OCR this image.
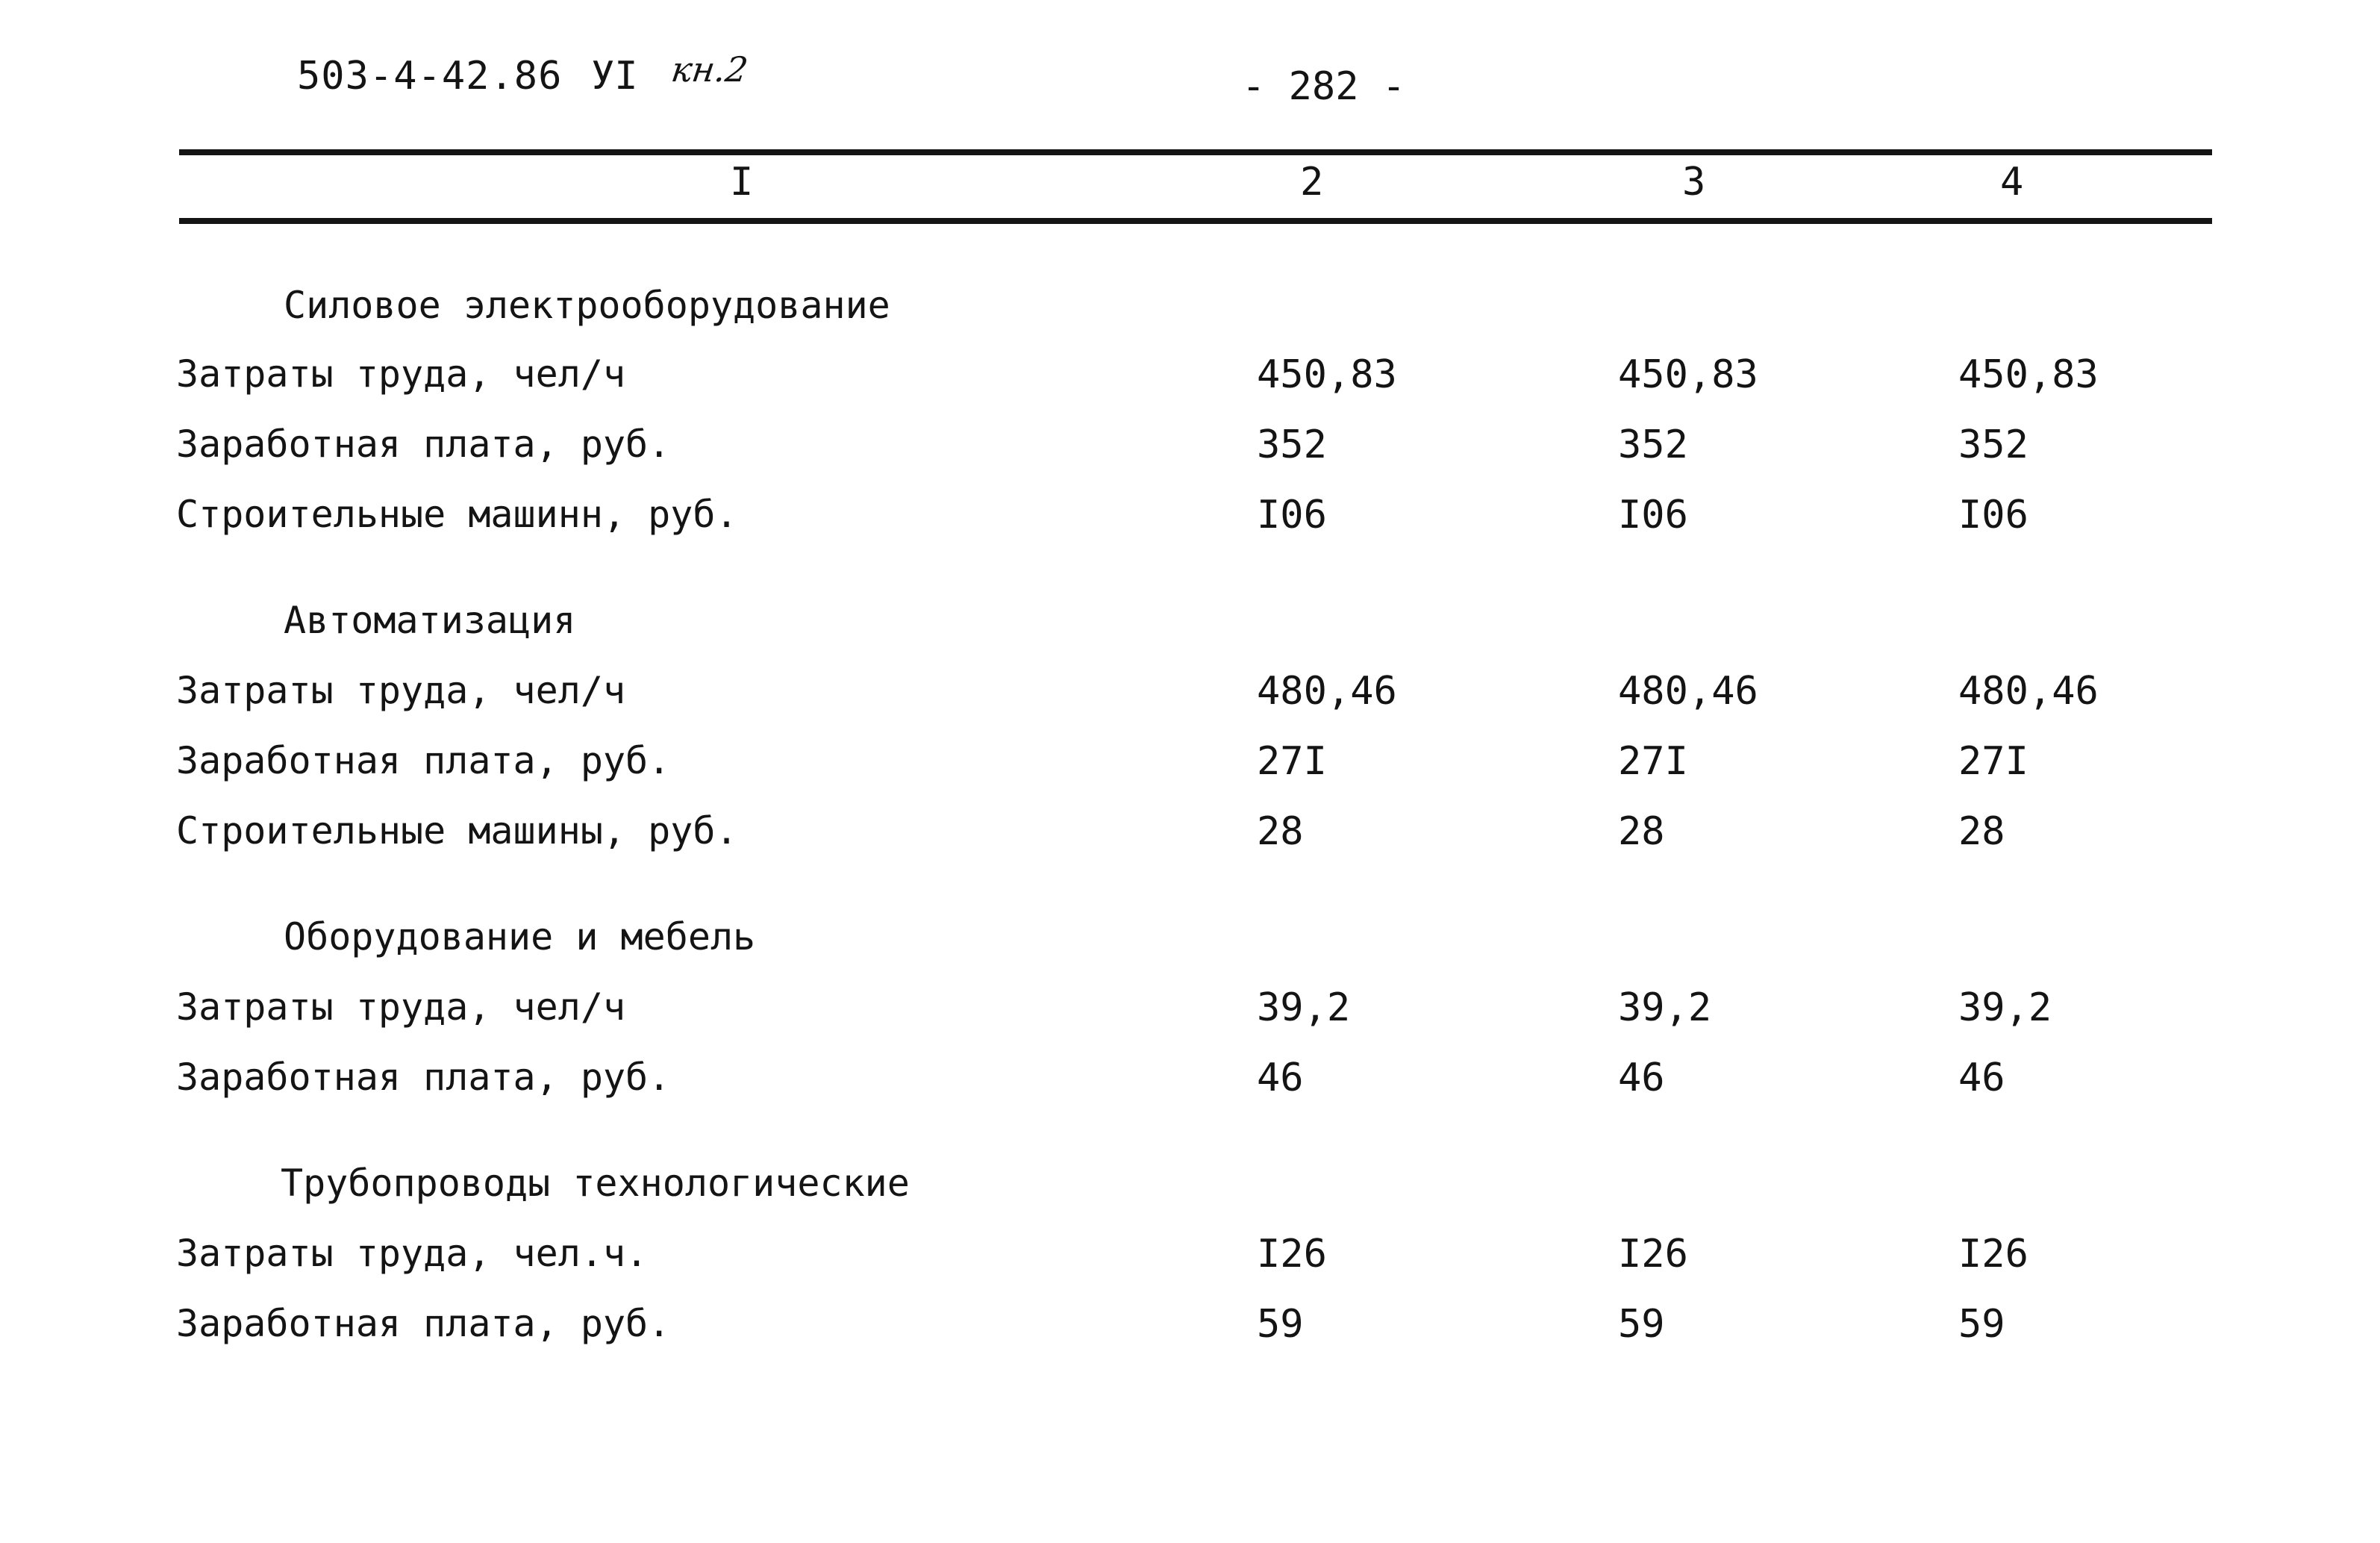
503-4-42.86 УI кн.2	- 282 -
I	2	3	4
Силовое электрооборудование
Затраты труда, чел/ч	450,83	450,83	450,83
Заработная плата, руб.	352	352	352
Строительные машинн, руб.	I06	I06	I06
Автоматизация
Затраты труда, чел/ч	480,46	480,46	480,46
Заработная плата, руб.	27I	27I	27I
Строительные машины, руб.	28	28	28
Оборудование и мебель
Затраты труда, чел/ч	39,2	39,2	39,2
Заработная плата, руб.	46	46	46
Трубопроводы технологические
Затраты труда, чел.ч.	I26	I26	I26
Заработная плата, руб.	59	59	59
